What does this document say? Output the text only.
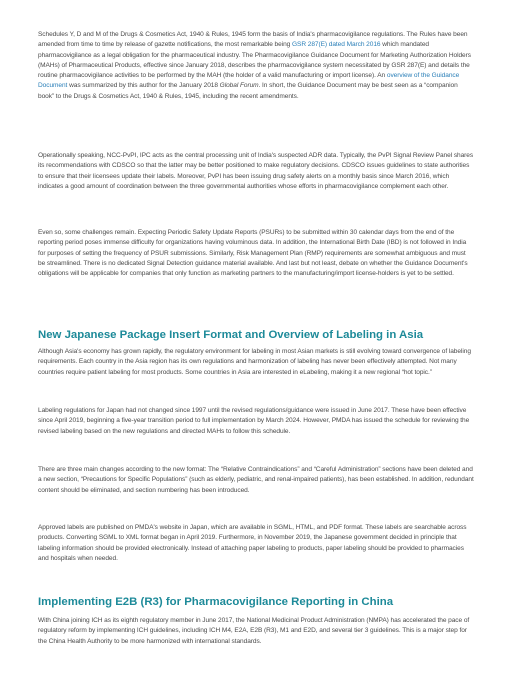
Schedules Y, D and M of the Drugs & Cosmetics Act, 1940 & Rules, 1945 form the basis of India's pharmacovigilance regulations. The Rules have been amended from time to time by release of gazette notifications, the most remarkable being GSR 287(E) dated March 2016 which mandated pharmacovigilance as a legal obligation for the pharmaceutical industry. The Pharmacovigilance Guidance Document for Marketing Authorization Holders (MAHs) of Pharmaceutical Products, effective since January 2018, describes the pharmacovigilance system necessitated by GSR 287(E) and details the routine pharmacovigilance activities to be performed by the MAH (the holder of a valid manufacturing or import license). An overview of the Guidance Document was summarized by this author for the January 2018 Global Forum. In short, the Guidance Document may be best seen as a “companion book” to the Drugs & Cosmetics Act, 1940 & Rules, 1945, including the recent amendments.

Operationally speaking, NCC-PvPI, IPC acts as the central processing unit of India's suspected ADR data. Typically, the PvPI Signal Review Panel shares its recommendations with CDSCO so that the latter may be better positioned to make regulatory decisions. CDSCO issues guidelines to state authorities to ensure that their licensees update their labels. Moreover, PvPI has been issuing drug safety alerts on a monthly basis since March 2016, which indicates a good amount of coordination between the three governmental authorities whose efforts in pharmacovigilance complement each other.

Even so, some challenges remain. Expecting Periodic Safety Update Reports (PSURs) to be submitted within 30 calendar days from the end of the reporting period poses immense difficulty for organizations having voluminous data. In addition, the International Birth Date (IBD) is not followed in India for purposes of setting the frequency of PSUR submissions. Similarly, Risk Management Plan (RMP) requirements are somewhat ambiguous and must be streamlined. There is no dedicated Signal Detection guidance material available. And last but not least, debate on whether the Guidance Document's obligations will be applicable for companies that only function as marketing partners to the manufacturing/import license-holders is yet to be settled.

New Japanese Package Insert Format and Overview of Labeling in Asia

Although Asia's economy has grown rapidly, the regulatory environment for labeling in most Asian markets is still evolving toward convergence of labeling requirements. Each country in the Asia region has its own regulations and harmonization of labeling has never been effectively attempted. Not many countries require patient labeling for most products. Some countries in Asia are interested in eLabeling, making it a new regional “hot topic.”

Labeling regulations for Japan had not changed since 1997 until the revised regulations/guidance were issued in June 2017. These have been effective since April 2019, beginning a five-year transition period to full implementation by March 2024. However, PMDA has issued the schedule for reviewing the revised labeling based on the new regulations and directed MAHs to follow this schedule.

There are three main changes according to the new format: The “Relative Contraindications” and “Careful Administration” sections have been deleted and a new section, “Precautions for Specific Populations” (such as elderly, pediatric, and renal-impaired patients), has been established. In addition, redundant content should be eliminated, and section numbering has been introduced.

Approved labels are published on PMDA's website in Japan, which are available in SGML, HTML, and PDF format. These labels are searchable across products. Converting SGML to XML format began in April 2019. Furthermore, in November 2019, the Japanese government decided in principle that labeling information should be provided electronically. Instead of attaching paper labeling to products, paper labeling should be provided to pharmacies and hospitals when needed.

Implementing E2B (R3) for Pharmacovigilance Reporting in China

With China joining ICH as its eighth regulatory member in June 2017, the National Medicinal Product Administration (NMPA) has accelerated the pace of regulatory reform by implementing ICH guidelines, including ICH M4, E2A, E2B (R3), M1 and E2D, and several tier 3 guidelines. This is a major step for the China Health Authority to be more harmonized with international standards.
